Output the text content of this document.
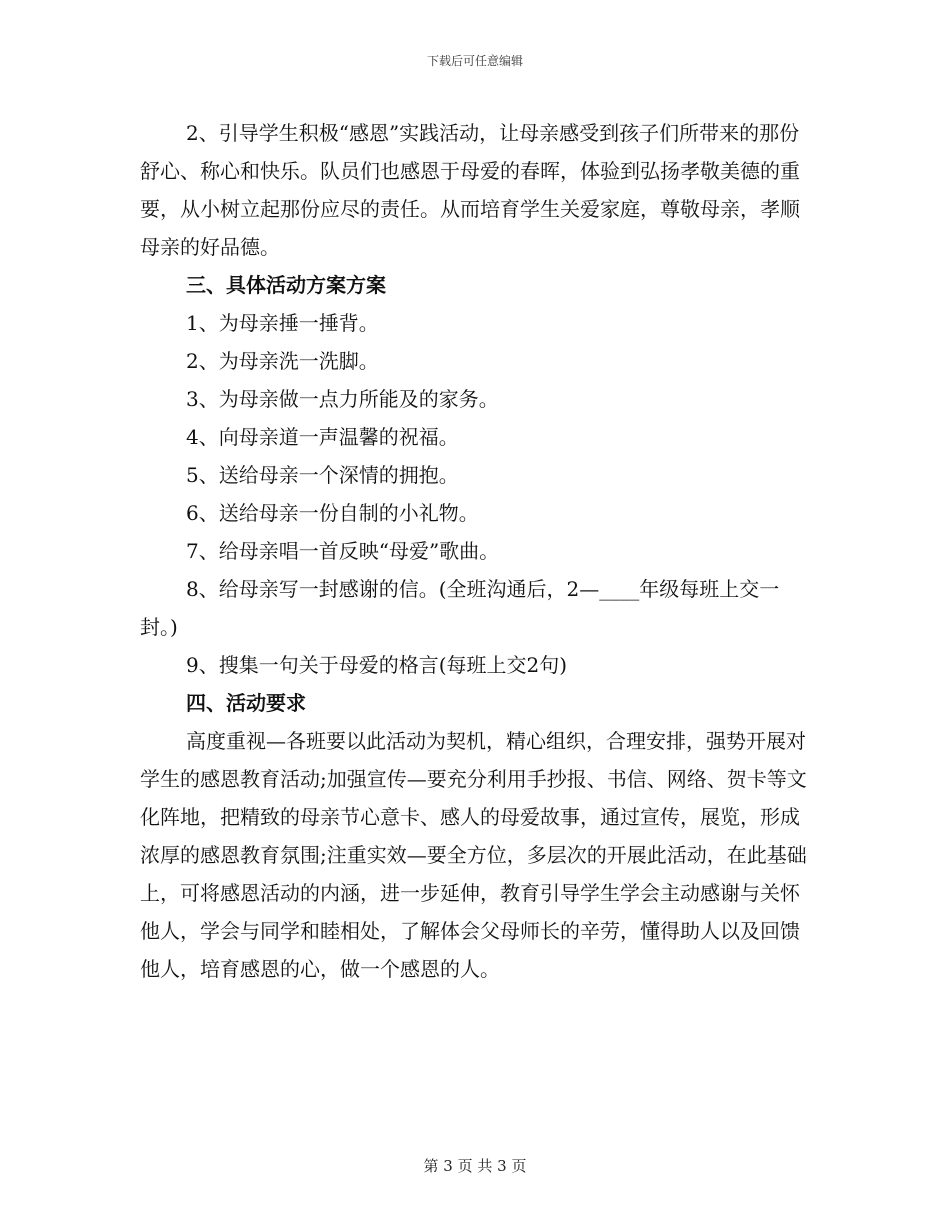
下载后可任意编辑

2、引导学生积极“感恩”实践活动，让母亲感受到孩子们所带来的那份舒心、称心和快乐。队员们也感恩于母爱的春晖，体验到弘扬孝敬美德的重要，从小树立起那份应尽的责任。从而培育学生关爱家庭，尊敬母亲，孝顺母亲的好品德。

三、具体活动方案方案

1、为母亲捶一捶背。

2、为母亲洗一洗脚。

3、为母亲做一点力所能及的家务。

4、向母亲道一声温馨的祝福。

5、送给母亲一个深情的拥抱。

6、送给母亲一份自制的小礼物。

7、给母亲唱一首反映“母爱”歌曲。

8、给母亲写一封感谢的信。(全班沟通后，2—____年级每班上交一封。)

9、搜集一句关于母爱的格言(每班上交2句)

四、活动要求

高度重视—各班要以此活动为契机，精心组织，合理安排，强势开展对学生的感恩教育活动;加强宣传—要充分利用手抄报、书信、网络、贺卡等文化阵地，把精致的母亲节心意卡、感人的母爱故事，通过宣传，展览，形成浓厚的感恩教育氛围;注重实效—要全方位，多层次的开展此活动，在此基础上，可将感恩活动的内涵，进一步延伸，教育引导学生学会主动感谢与关怀他人，学会与同学和睦相处，了解体会父母师长的辛劳，懂得助人以及回馈他人，培育感恩的心，做一个感恩的人。

第 3 页 共 3 页
